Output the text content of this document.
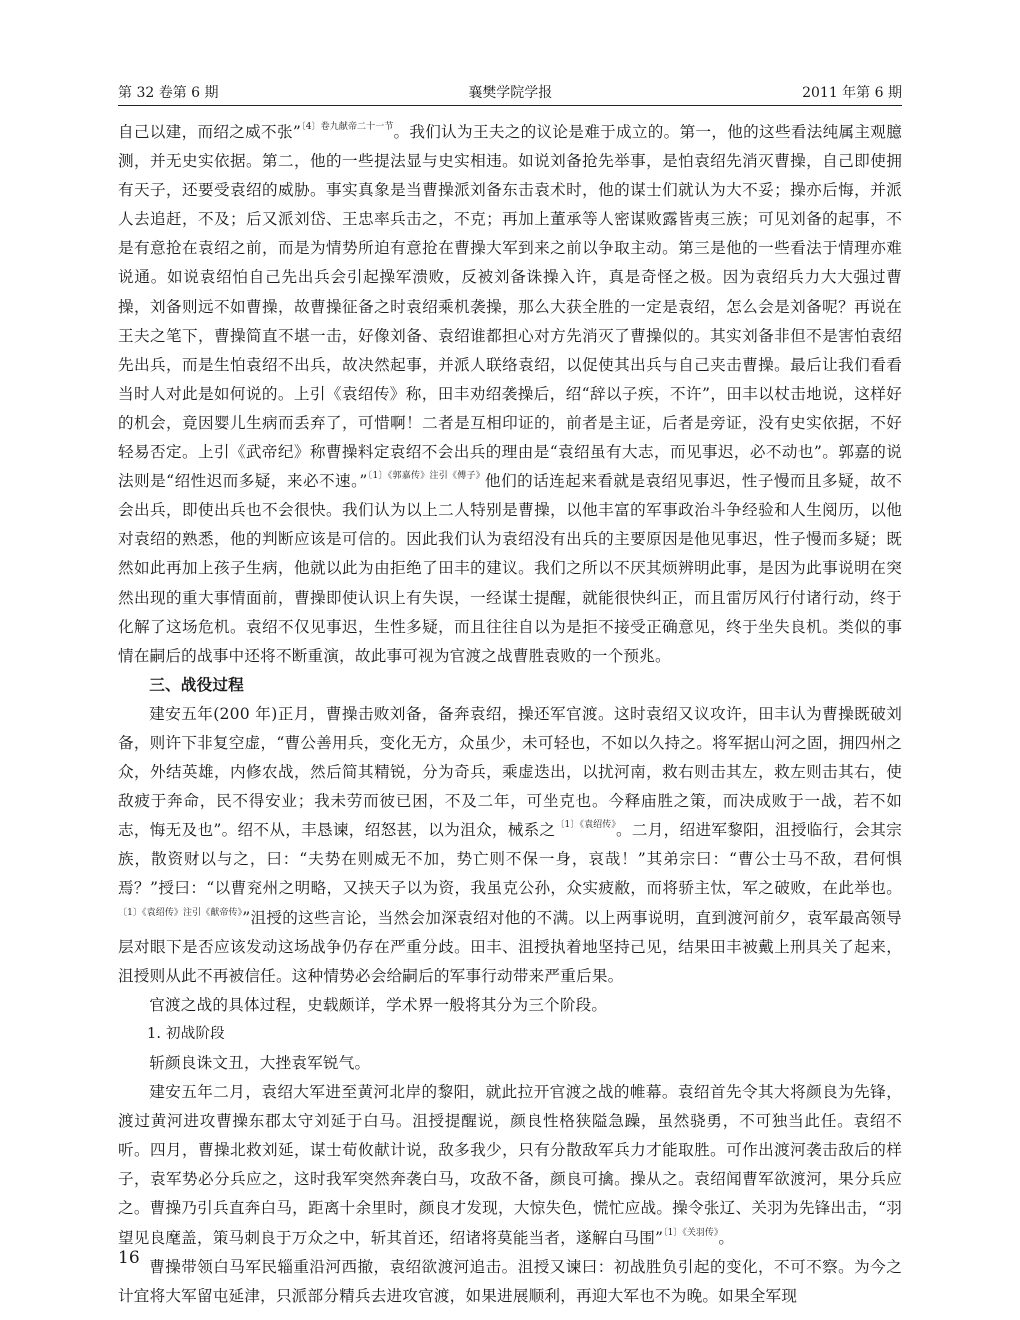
第 32 卷第 6 期	襄樊学院学报	2011 年第 6 期

自己以建，而绍之威不张”$^{〔4〕卷九献帝二十一节}$。我们认为王夫之的议论是难于成立的。第一，他的这些看法纯属主观臆测，并无史实依据。第二，他的一些提法显与史实相违。如说刘备抢先举事，是怕袁绍先消灭曹操，自己即使拥有天子，还要受袁绍的威胁。事实真象是当曹操派刘备东击袁术时，他的谋士们就认为大不妥；操亦后悔，并派人去追赶，不及；后又派刘岱、王忠率兵击之，不克；再加上董承等人密谋败露皆夷三族；可见刘备的起事，不是有意抢在袁绍之前，而是为情势所迫有意抢在曹操大军到来之前以争取主动。第三是他的一些看法于情理亦难说通。如说袁绍怕自己先出兵会引起操军溃败，反被刘备诛操入许，真是奇怪之极。因为袁绍兵力大大强过曹操，刘备则远不如曹操，故曹操征备之时袁绍乘机袭操，那么大获全胜的一定是袁绍，怎么会是刘备呢？再说在王夫之笔下，曹操简直不堪一击，好像刘备、袁绍谁都担心对方先消灭了曹操似的。其实刘备非但不是害怕袁绍先出兵，而是生怕袁绍不出兵，故决然起事，并派人联络袁绍，以促使其出兵与自己夹击曹操。最后让我们看看当时人对此是如何说的。上引《袁绍传》称，田丰劝绍袭操后，绍“辞以子疾，不许”，田丰以杖击地说，这样好的机会，竟因婴儿生病而丢弃了，可惜啊！二者是互相印证的，前者是主证，后者是旁证，没有史实依据，不好轻易否定。上引《武帝纪》称曹操料定袁绍不会出兵的理由是“袁绍虽有大志，而见事迟，必不动也”。郭嘉的说法则是“绍性迟而多疑，来必不速。”$^{〔1〕《郭嘉传》注引《傅子》}$他们的话连起来看就是袁绍见事迟，性子慢而且多疑，故不会出兵，即使出兵也不会很快。我们认为以上二人特别是曹操，以他丰富的军事政治斗争经验和人生阅历，以他对袁绍的熟悉，他的判断应该是可信的。因此我们认为袁绍没有出兵的主要原因是他见事迟，性子慢而多疑；既然如此再加上孩子生病，他就以此为由拒绝了田丰的建议。我们之所以不厌其烦辨明此事，是因为此事说明在突然出现的重大事情面前，曹操即使认识上有失误，一经谋士提醒，就能很快纠正，而且雷厉风行付诸行动，终于化解了这场危机。袁绍不仅见事迟，生性多疑，而且往往自以为是拒不接受正确意见，终于坐失良机。类似的事情在嗣后的战事中还将不断重演，故此事可视为官渡之战曹胜袁败的一个预兆。

三、战役过程

建安五年(200 年)正月，曹操击败刘备，备奔袁绍，操还军官渡。这时袁绍又议攻许，田丰认为曹操既破刘备，则许下非复空虚，“曹公善用兵，变化无方，众虽少，未可轻也，不如以久持之。将军据山河之固，拥四州之众，外结英雄，内修农战，然后简其精锐，分为奇兵，乘虚迭出，以扰河南，救右则击其左，救左则击其右，使敌疲于奔命，民不得安业；我未劳而彼已困，不及二年，可坐克也。今释庙胜之策，而决成败于一战，若不如志，悔无及也”。绍不从，丰恳谏，绍怒甚，以为沮众，械系之$^{〔1〕《袁绍传》}$。二月，绍进军黎阳，沮授临行，会其宗族，散资财以与之，曰：“夫势在则威无不加，势亡则不保一身，哀哉！”其弟宗曰：“曹公士马不敌，君何惧焉？”授曰：“以曹兖州之明略，又挟天子以为资，我虽克公孙，众实疲敝，而将骄主忲，军之破败，在此举也。$^{〔1〕《袁绍传》注引《献帝传》}$”沮授的这些言论，当然会加深袁绍对他的不满。以上两事说明，直到渡河前夕，袁军最高领导层对眼下是否应该发动这场战争仍存在严重分歧。田丰、沮授执着地坚持己见，结果田丰被戴上刑具关了起来，沮授则从此不再被信任。这种情势必会给嗣后的军事行动带来严重后果。

官渡之战的具体过程，史载颇详，学术界一般将其分为三个阶段。

1. 初战阶段

斩颜良诛文丑，大挫袁军锐气。

建安五年二月，袁绍大军进至黄河北岸的黎阳，就此拉开官渡之战的帷幕。袁绍首先令其大将颜良为先锋，渡过黄河进攻曹操东郡太守刘延于白马。沮授提醒说，颜良性格狭隘急躁，虽然骁勇，不可独当此任。袁绍不听。四月，曹操北救刘延，谋士荀攸献计说，敌多我少，只有分散敌军兵力才能取胜。可作出渡河袭击敌后的样子，袁军势必分兵应之，这时我军突然奔袭白马，攻敌不备，颜良可擒。操从之。袁绍闻曹军欲渡河，果分兵应之。曹操乃引兵直奔白马，距离十余里时，颜良才发现，大惊失色，慌忙应战。操令张辽、关羽为先锋出击，“羽望见良麾盖，策马刺良于万众之中，斩其首还，绍诸将莫能当者，遂解白马围”$^{〔1〕《关羽传》}$。

曹操带领白马军民辎重沿河西撤，袁绍欲渡河追击。沮授又谏曰：初战胜负引起的变化，不可不察。为今之计宜将大军留屯延津，只派部分精兵去进攻官渡，如果进展顺利，再迎大军也不为晚。如果全军现

16
